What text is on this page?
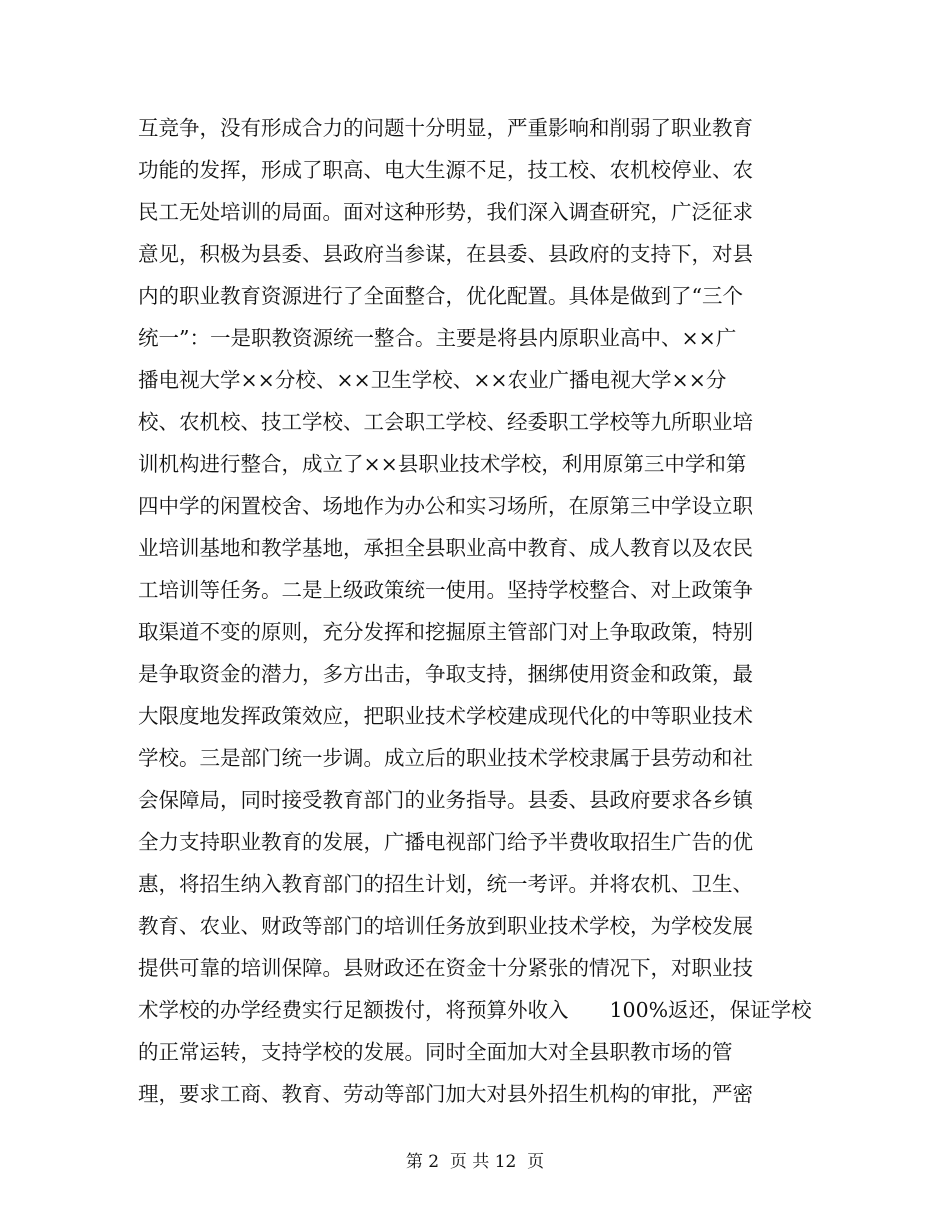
互竞争，没有形成合力的问题十分明显，严重影响和削弱了职业教育
功能的发挥，形成了职高、电大生源不足，技工校、农机校停业、农
民工无处培训的局面。面对这种形势，我们深入调查研究，广泛征求
意见，积极为县委、县政府当参谋，在县委、县政府的支持下，对县
内的职业教育资源进行了全面整合，优化配置。具体是做到了“三个
统一”：一是职教资源统一整合。主要是将县内原职业高中、××广
播电视大学××分校、××卫生学校、××农业广播电视大学××分
校、农机校、技工学校、工会职工学校、经委职工学校等九所职业培
训机构进行整合，成立了××县职业技术学校，利用原第三中学和第
四中学的闲置校舍、场地作为办公和实习场所，在原第三中学设立职
业培训基地和教学基地，承担全县职业高中教育、成人教育以及农民
工培训等任务。二是上级政策统一使用。坚持学校整合、对上政策争
取渠道不变的原则，充分发挥和挖掘原主管部门对上争取政策，特别
是争取资金的潜力，多方出击，争取支持，捆绑使用资金和政策，最
大限度地发挥政策效应，把职业技术学校建成现代化的中等职业技术
学校。三是部门统一步调。成立后的职业技术学校隶属于县劳动和社
会保障局，同时接受教育部门的业务指导。县委、县政府要求各乡镇
全力支持职业教育的发展，广播电视部门给予半费收取招生广告的优
惠，将招生纳入教育部门的招生计划，统一考评。并将农机、卫生、
教育、农业、财政等部门的培训任务放到职业技术学校，为学校发展
提供可靠的培训保障。县财政还在资金十分紧张的情况下，对职业技
术学校的办学经费实行足额拨付，将预算外收入　　100%返还，保证学校
的正常运转，支持学校的发展。同时全面加大对全县职教市场的管
理，要求工商、教育、劳动等部门加大对县外招生机构的审批，严密
第 2  页 共 12  页
